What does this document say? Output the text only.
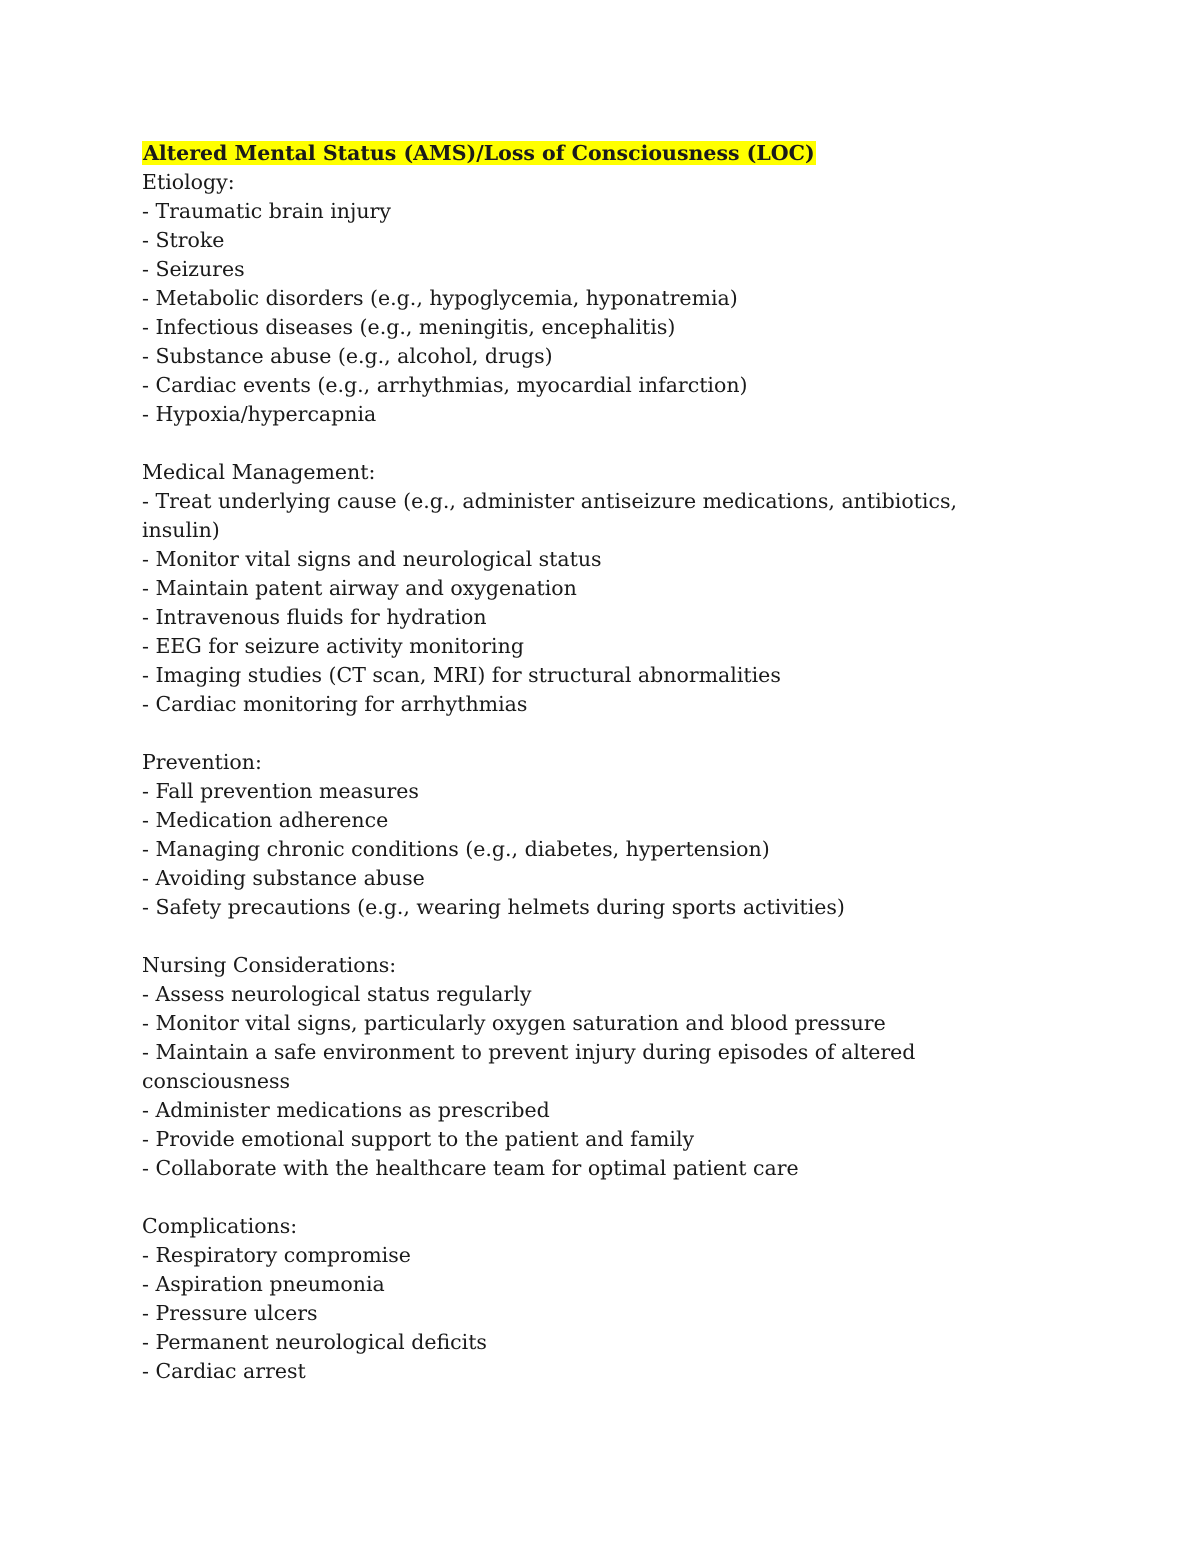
Altered Mental Status (AMS)/Loss of Consciousness (LOC)
Etiology:
- Traumatic brain injury
- Stroke
- Seizures
- Metabolic disorders (e.g., hypoglycemia, hyponatremia)
- Infectious diseases (e.g., meningitis, encephalitis)
- Substance abuse (e.g., alcohol, drugs)
- Cardiac events (e.g., arrhythmias, myocardial infarction)
- Hypoxia/hypercapnia
Medical Management:
- Treat underlying cause (e.g., administer antiseizure medications, antibiotics, insulin)
- Monitor vital signs and neurological status
- Maintain patent airway and oxygenation
- Intravenous fluids for hydration
- EEG for seizure activity monitoring
- Imaging studies (CT scan, MRI) for structural abnormalities
- Cardiac monitoring for arrhythmias
Prevention:
- Fall prevention measures
- Medication adherence
- Managing chronic conditions (e.g., diabetes, hypertension)
- Avoiding substance abuse
- Safety precautions (e.g., wearing helmets during sports activities)
Nursing Considerations:
- Assess neurological status regularly
- Monitor vital signs, particularly oxygen saturation and blood pressure
- Maintain a safe environment to prevent injury during episodes of altered consciousness
- Administer medications as prescribed
- Provide emotional support to the patient and family
- Collaborate with the healthcare team for optimal patient care
Complications:
- Respiratory compromise
- Aspiration pneumonia
- Pressure ulcers
- Permanent neurological deficits
- Cardiac arrest
